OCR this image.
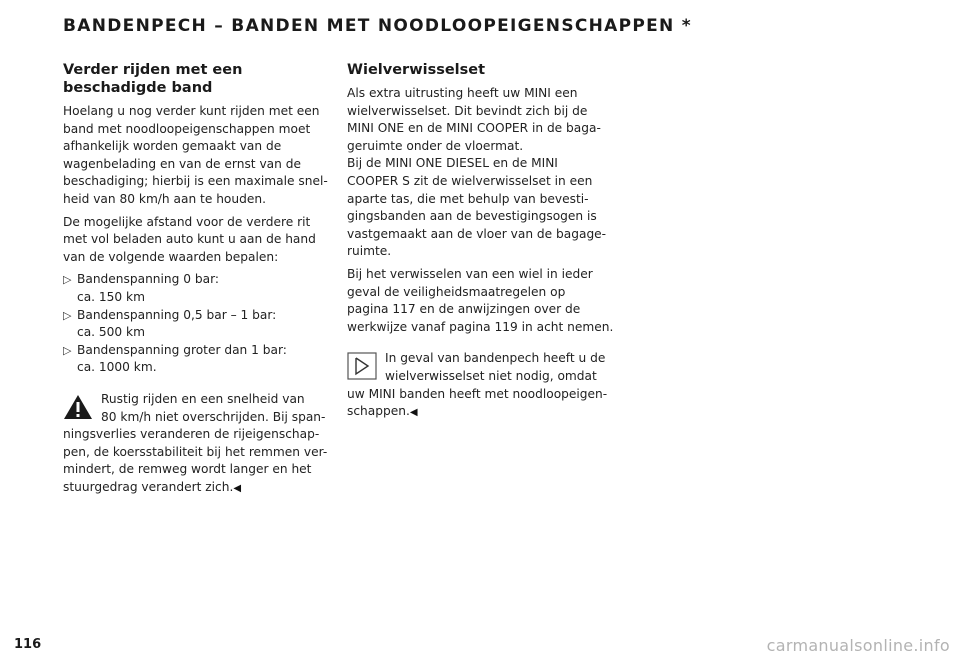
BANDENPECH – BANDEN MET NOODLOOPEIGENSCHAPPEN *
Verder rijden met een beschadigde band

Hoelang u nog verder kunt rijden met een
band met noodloopeigenschappen moet
afhankelijk worden gemaakt van de
wagenbelading en van de ernst van de
beschadiging; hierbij is een maximale snel-
heid van 80 km/h aan te houden.

De mogelijke afstand voor de verdere rit
met vol beladen auto kunt u aan de hand
van de volgende waarden bepalen:

▷ Bandenspanning 0 bar:
ca. 150 km
▷ Bandenspanning 0,5 bar – 1 bar:
ca. 500 km
▷ Bandenspanning groter dan 1 bar:
ca. 1000 km.
Rustig rijden en een snelheid van
80 km/h niet overschrijden. Bij span-
ningsverlies veranderen de rijeigenschap-
pen, de koersstabiliteit bij het remmen ver-
mindert, de remweg wordt langer en het
stuurgedrag verandert zich.◀
Wielverwisselset

Als extra uitrusting heeft uw MINI een
wielverwisselset. Dit bevindt zich bij de
MINI ONE en de MINI COOPER in de baga-
geruimte onder de vloermat.
Bij de MINI ONE DIESEL en de MINI
COOPER S zit de wielverwisselset in een
aparte tas, die met behulp van bevesti-
gingsbanden aan de bevestigingsogen is
vastgemaakt aan de vloer van de bagage-
ruimte.

Bij het verwisselen van een wiel in ieder
geval de veiligheidsmaatregelen op
pagina 117 en de anwijzingen over de
werkwijze vanaf pagina 119 in acht nemen.

In geval van bandenpech heeft u de
wielverwisselset niet nodig, omdat
uw MINI banden heeft met noodloopeigen-
schappen.◀
116	carmanualsonline.info
